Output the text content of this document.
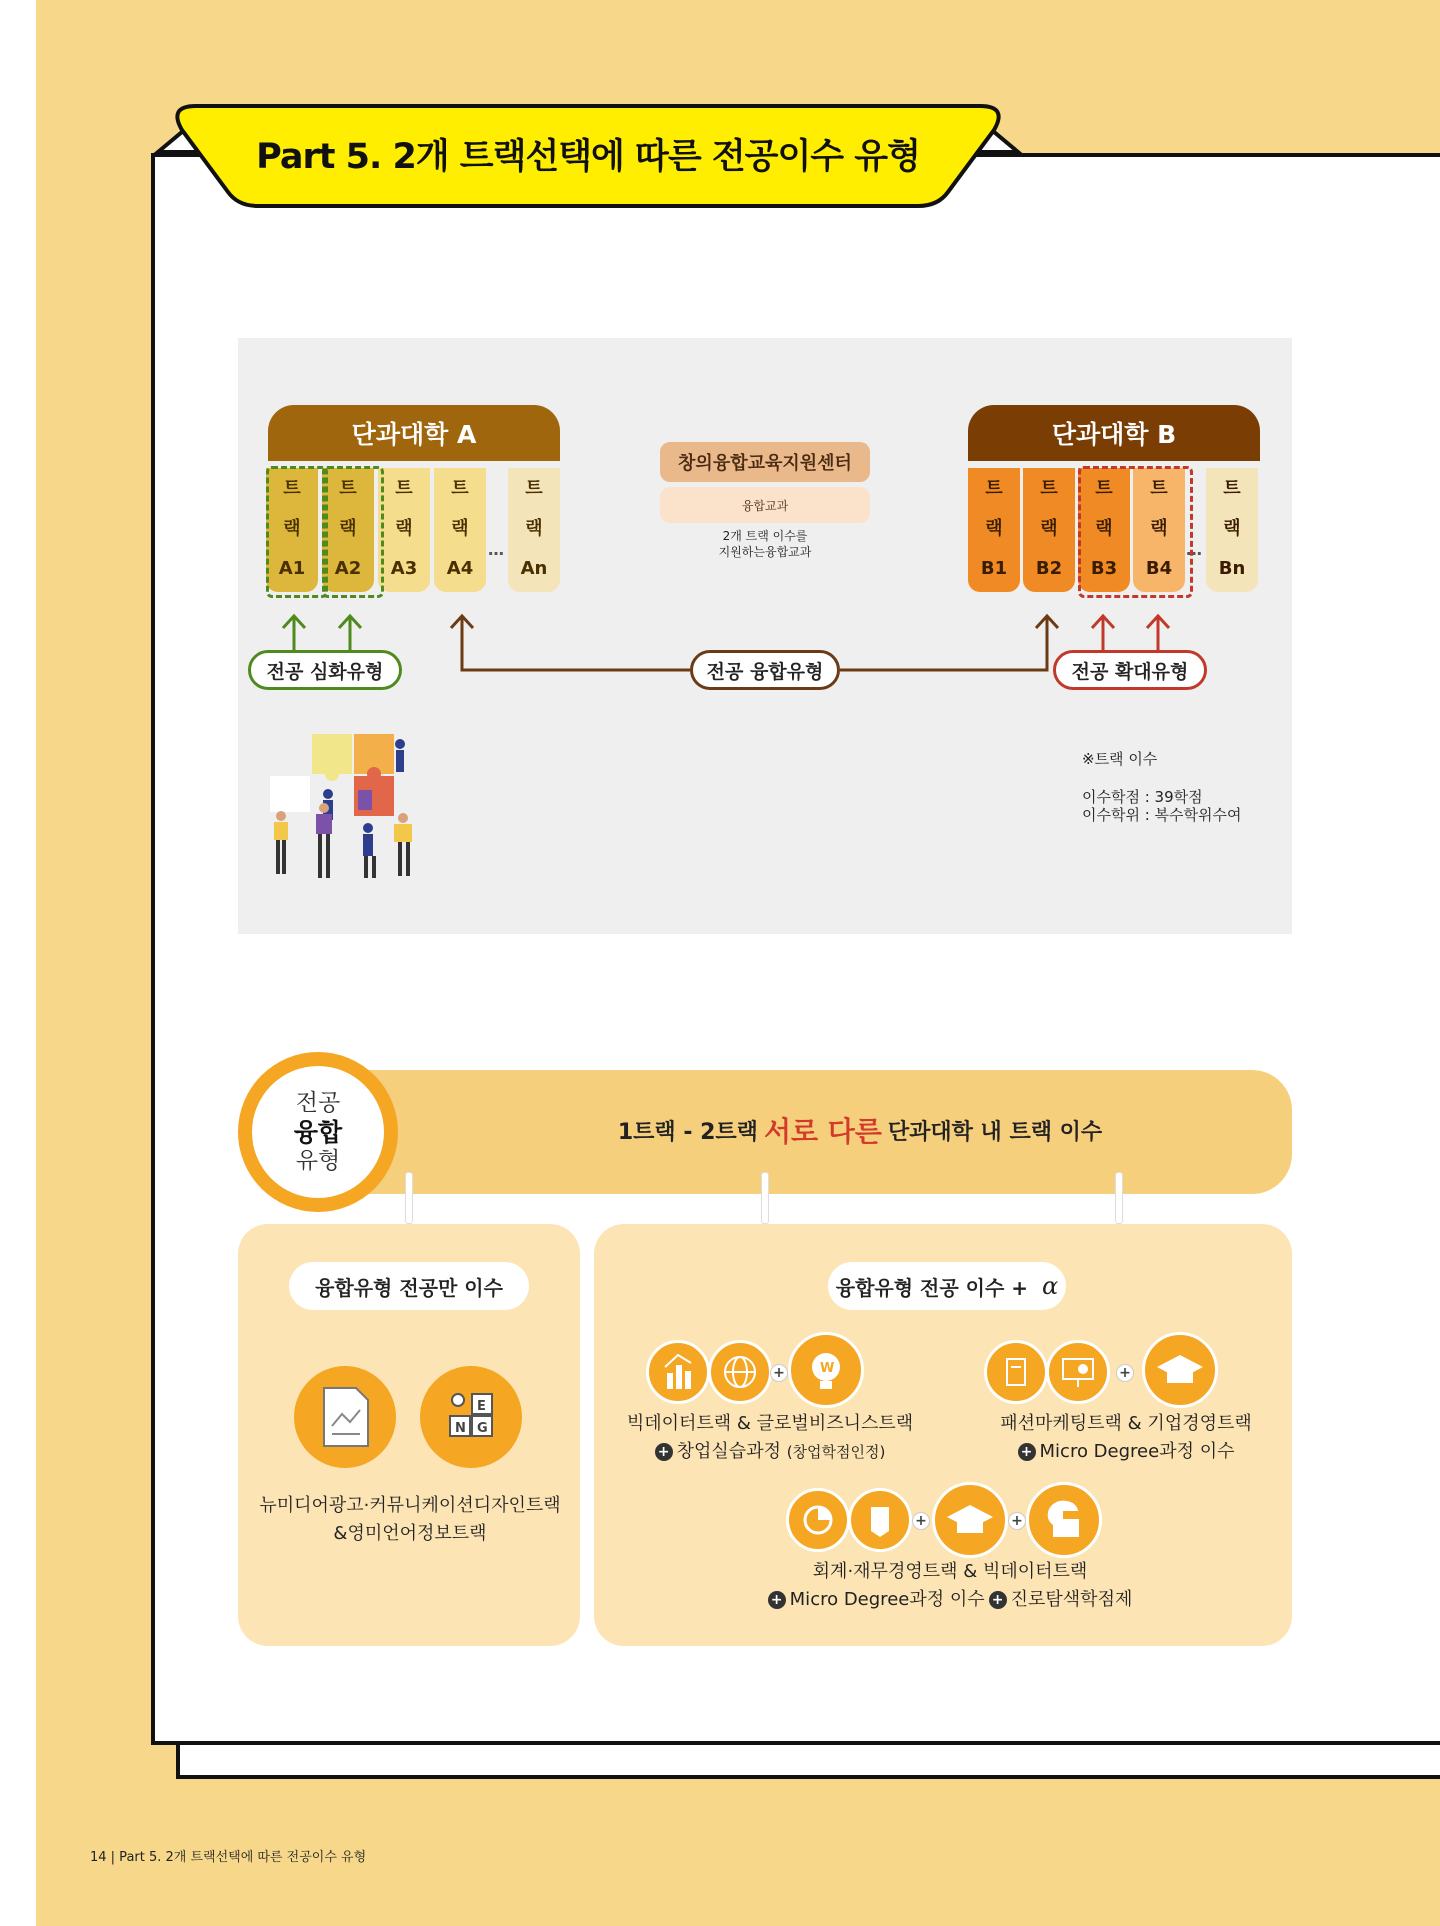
Part 5. 2개 트랙선택에 따른 전공이수 유형
단과대학 A	단과대학 B
트
랙
A1
트
랙
A2
트
랙
A3
트
랙
A4
…
트
랙
An
트
랙
B1
트
랙
B2
트
랙
B3
트
랙
B4
…
트
랙
Bn
창의융합교육지원센터
융합교과
2개 트랙 이수를
지원하는융합교과
전공 심화유형	전공 융합유형	전공 확대유형
※트랙 이수
이수학점 : 39학점
이수학위 : 복수학위수여
1트랙 - 2트랙 서로 다른 단과대학 내 트랙 이수
전공
융합
유형
융합유형 전공만 이수	융합유형 전공 이수 + α
N G
E
뉴미디어광고·커뮤니케이션디자인트랙
&영미언어정보트랙
+	W
빅데이터트랙 & 글로벌비즈니스트랙
+ 창업실습과정 (창업학점인정)
+
패션마케팅트랙 & 기업경영트랙
+ Micro Degree과정 이수
+	+
회계·재무경영트랙 & 빅데이터트랙
+ Micro Degree과정 이수 + 진로탐색학점제
14 | Part 5. 2개 트랙선택에 따른 전공이수 유형
